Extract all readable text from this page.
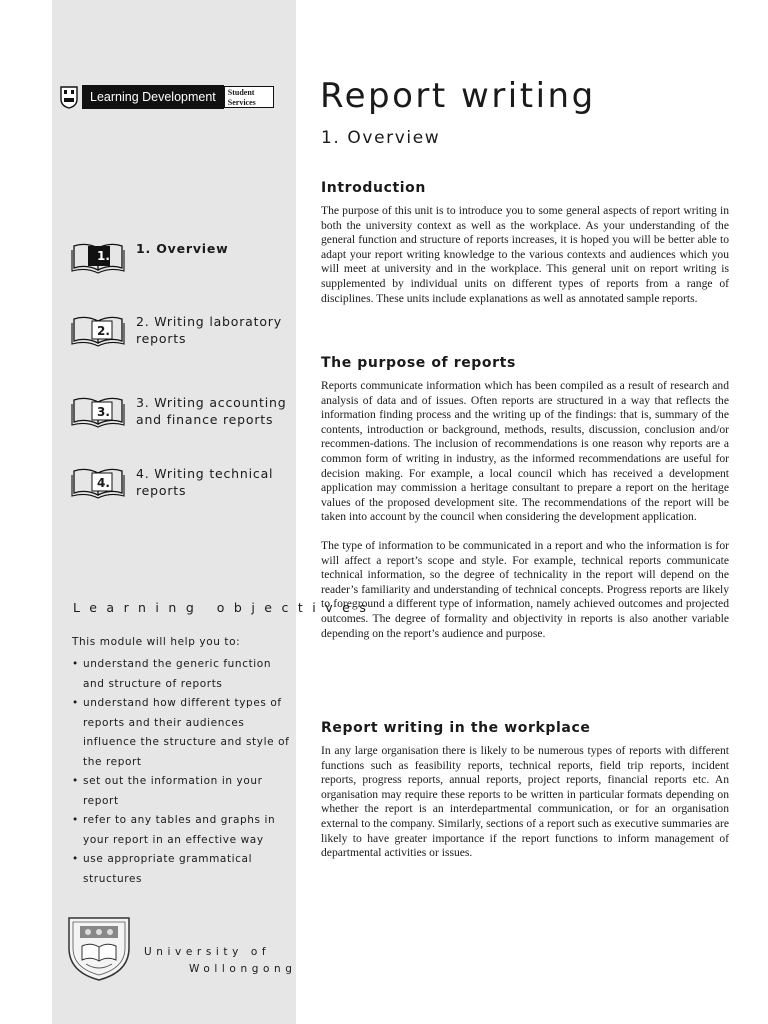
Learning Development	Student
Services
1. 1. Overview
2.
2. Writing laboratory reports
3.
3. Writing accounting and finance reports
4.
4. Writing technical reports
Learning objectives
This module will help you to:
• understand the generic function and structure of reports
• understand how different types of reports and their audiences influence the structure and style of the report
• set out the information in your report
• refer to any tables and graphs in your report in an effective way
• use appropriate grammatical structures
University of
Wollongong
Report writing
1. Overview
Introduction

The purpose of this unit is to introduce you to some general aspects of report writing in both the university context as well as the workplace. As your understanding of the general function and structure of reports increases, it is hoped you will be better able to adapt your report writing knowledge to the various contexts and audiences which you will meet at university and in the workplace. This general unit on report writing is supplemented by individual units on different types of reports from a range of disciplines. These units include explanations as well as annotated sample reports.

The purpose of reports

Reports communicate information which has been compiled as a result of research and analysis of data and of issues. Often reports are structured in a way that reflects the information finding process and the writing up of the findings: that is, summary of the contents, introduction or background, methods, results, discussion, conclusion and/or recommen-dations. The inclusion of recommendations is one reason why reports are a common form of writing in industry, as the informed recommendations are useful for decision making. For example, a local council which has received a development application may commission a heritage consultant to prepare a report on the heritage values of the proposed development site. The recommendations of the report will be taken into account by the council when considering the development application.

The type of information to be communicated in a report and who the information is for will affect a report’s scope and style. For example, technical reports communicate technical information, so the degree of technicality in the report will depend on the reader’s familiarity and understanding of technical concepts. Progress reports are likely to foreground a different type of information, namely achieved outcomes and projected outcomes. The degree of formality and objectivity in reports is also another variable depending on the report’s audience and purpose.

Report writing in the workplace

In any large organisation there is likely to be numerous types of reports with different functions such as feasibility reports, technical reports, field trip reports, incident reports, progress reports, annual reports, project reports, financial reports etc. An organisation may require these reports to be written in particular formats depending on whether the report is an interdepartmental communication, or for an organisation external to the company. Similarly, sections of a report such as executive summaries are likely to have greater importance if the report functions to inform management of departmental activities or issues.
